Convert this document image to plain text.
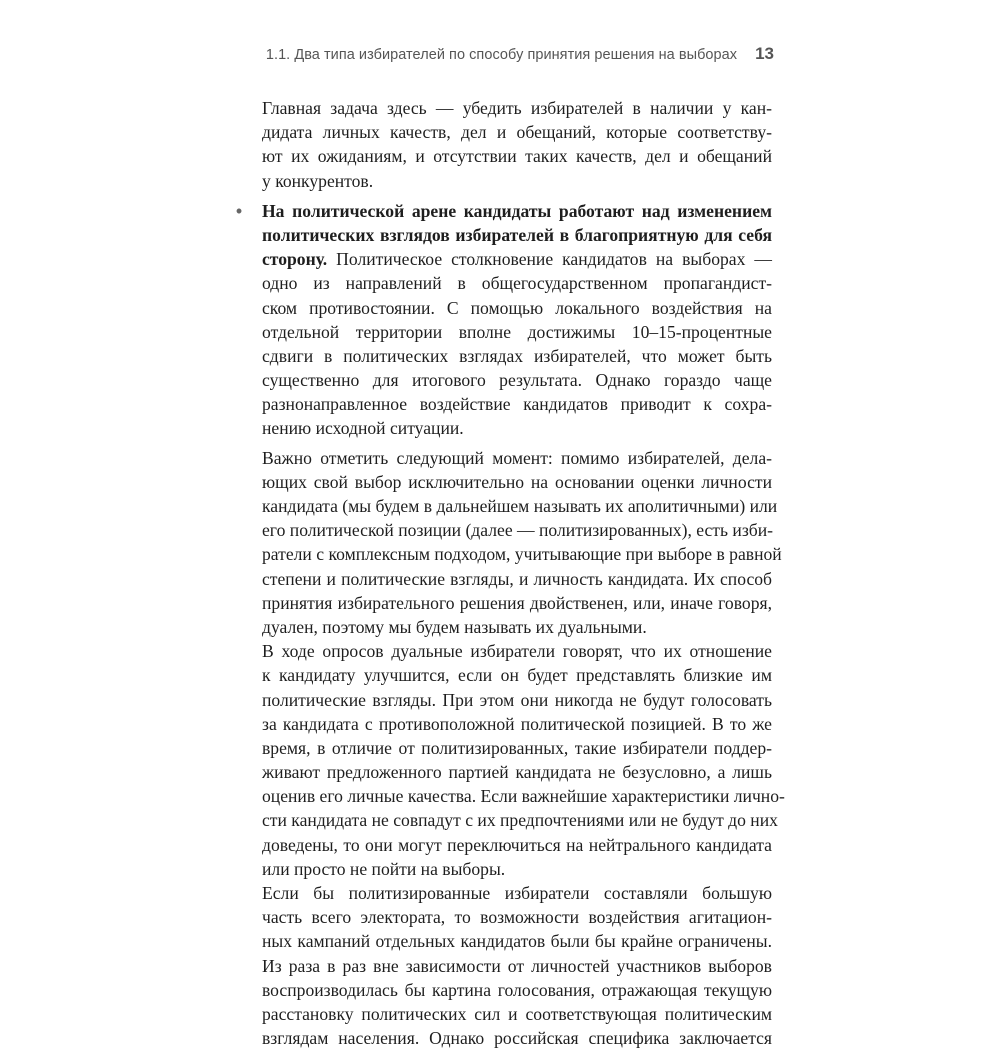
1.1. Два типа избирателей по способу принятия решения на выборах 13
Главная задача здесь — убедить избирателей в наличии у кан-
дидата личных качеств, дел и обещаний, которые соответству-
ют их ожиданиям, и отсутствии таких качеств, дел и обещаний
у конкурентов.
• На политической арене кандидаты работают над изменением
политических взглядов избирателей в благоприятную для себя
сторону. Политическое столкновение кандидатов на выборах —
одно из направлений в общегосударственном пропагандист-
ском противостоянии. С помощью локального воздействия на
отдельной территории вполне достижимы 10–15-процентные
сдвиги в политических взглядах избирателей, что может быть
существенно для итогового результата. Однако гораздо чаще
разнонаправленное воздействие кандидатов приводит к сохра-
нению исходной ситуации.
Важно отметить следующий момент: помимо избирателей, дела-
ющих свой выбор исключительно на основании оценки личности
кандидата (мы будем в дальнейшем называть их аполитичными) или
его политической позиции (далее — политизированных), есть изби-
ратели с комплексным подходом, учитывающие при выборе в равной
степени и политические взгляды, и личность кандидата. Их способ
принятия избирательного решения двойственен, или, иначе говоря,
дуален, поэтому мы будем называть их дуальными.
В ходе опросов дуальные избиратели говорят, что их отношение
к кандидату улучшится, если он будет представлять близкие им
политические взгляды. При этом они никогда не будут голосовать
за кандидата с противоположной политической позицией. В то же
время, в отличие от политизированных, такие избиратели поддер-
живают предложенного партией кандидата не безусловно, а лишь
оценив его личные качества. Если важнейшие характеристики лично-
сти кандидата не совпадут с их предпочтениями или не будут до них
доведены, то они могут переключиться на нейтрального кандидата
или просто не пойти на выборы.
Если бы политизированные избиратели составляли большую
часть всего электората, то возможности воздействия агитацион-
ных кампаний отдельных кандидатов были бы крайне ограничены.
Из раза в раз вне зависимости от личностей участников выборов
воспроизводилась бы картина голосования, отражающая текущую
расстановку политических сил и соответствующая политическим
взглядам населения. Однако российская специфика заключается
